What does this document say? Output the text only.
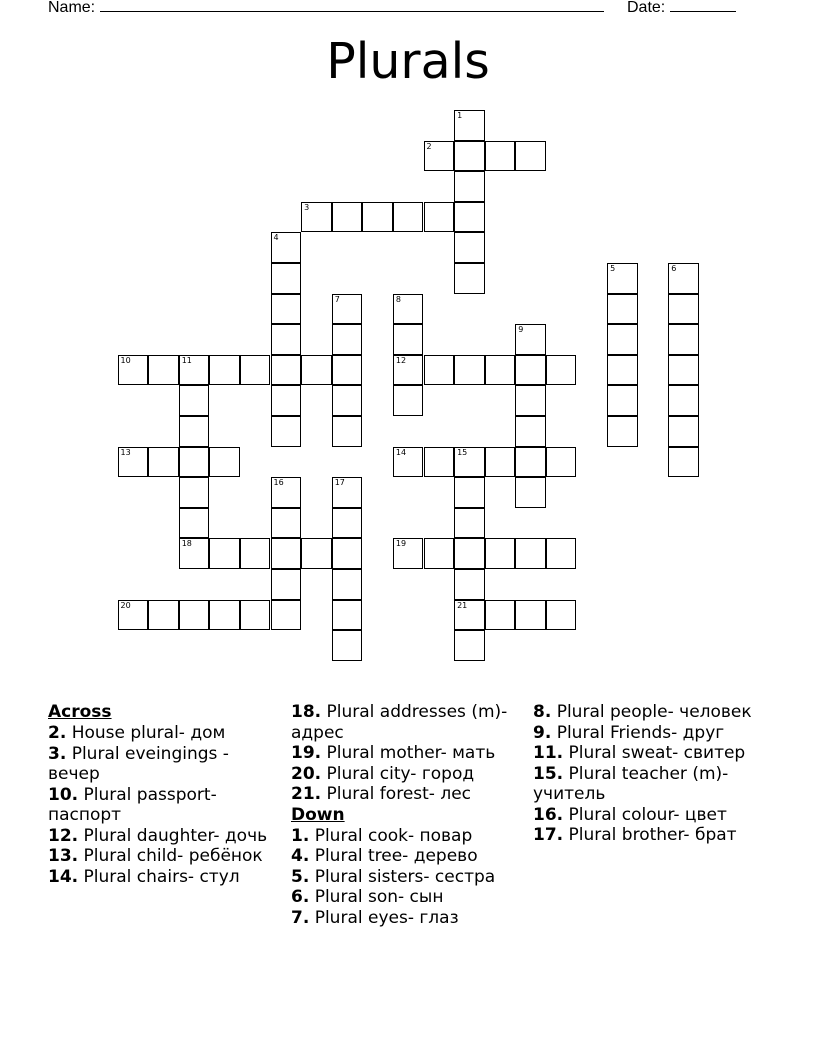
Name:	Date:
Plurals
1
2
3
4
5	6
7	8
9
10	11	12
13	14	15
16	17
18	19
20	21
Across
2. House plural- дом
3. Plural eveingings - вечер
10. Plural passport- паспорт
12. Plural daughter- дочь
13. Plural child- ребёнок
14. Plural chairs- стул
18. Plural addresses (m)- адрес
19. Plural mother- мать
20. Plural city- город
21. Plural forest- лес
Down
1. Plural cook- повар
4. Plural tree- дерево
5. Plural sisters- сестра
6. Plural son- сын
7. Plural eyes- глаз
8. Plural people- человек
9. Plural Friends- друг
11. Plural sweat- свитер
15. Plural teacher (m)- учитель
16. Plural colour- цвет
17. Plural brother- брат
